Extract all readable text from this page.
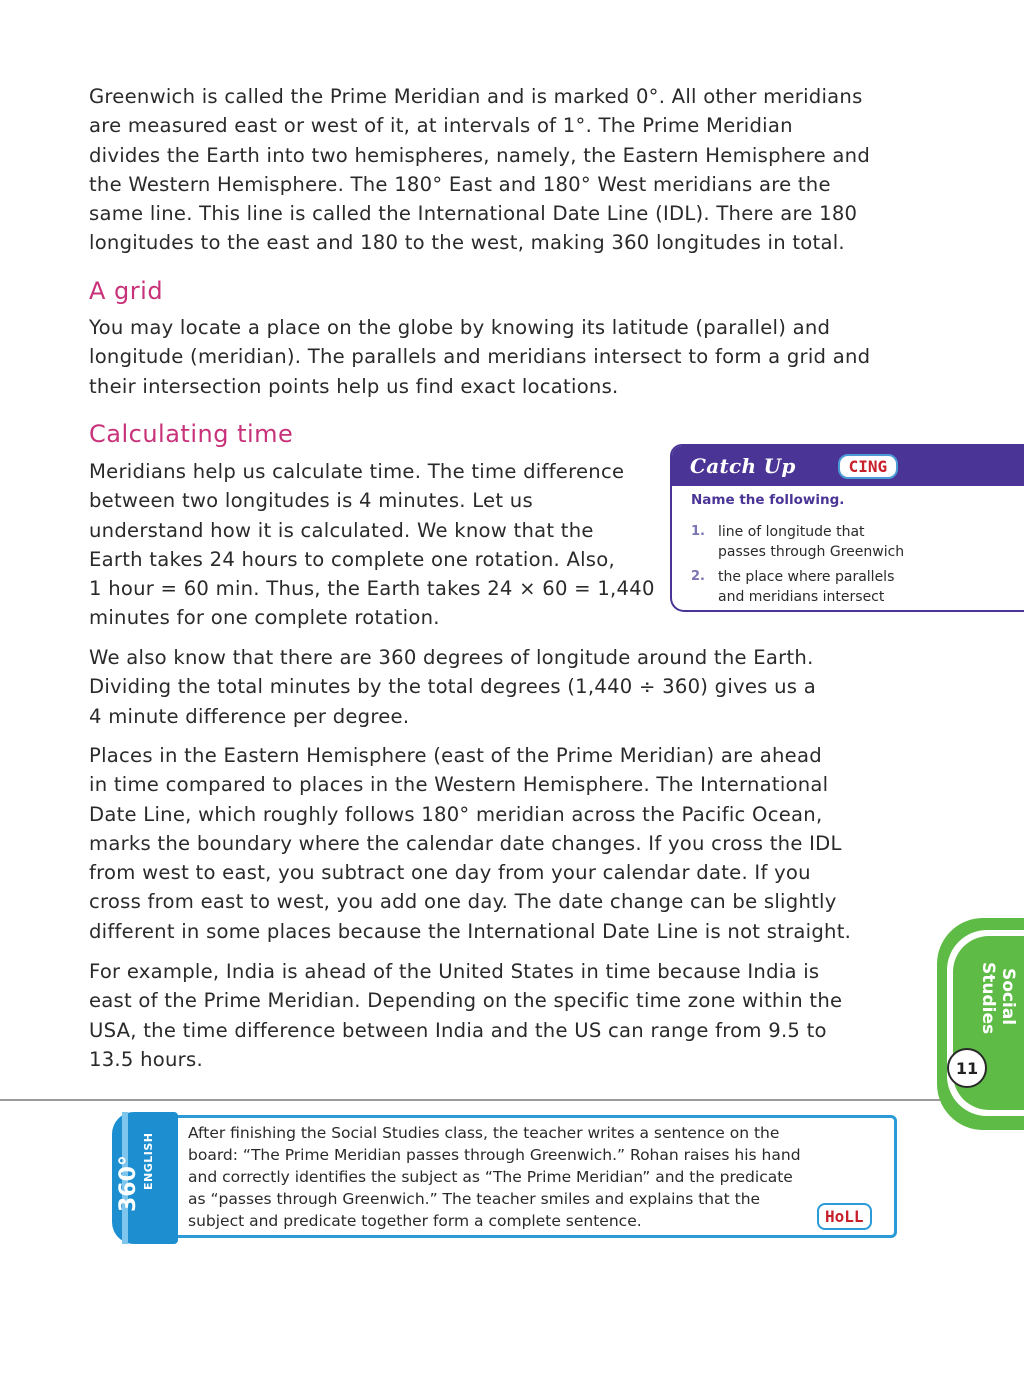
Greenwich is called the Prime Meridian and is marked 0°. All other meridians
are measured east or west of it, at intervals of 1°. The Prime Meridian
divides the Earth into two hemispheres, namely, the Eastern Hemisphere and
the Western Hemisphere. The 180° East and 180° West meridians are the
same line. This line is called the International Date Line (IDL). There are 180
longitudes to the east and 180 to the west, making 360 longitudes in total.

A grid

You may locate a place on the globe by knowing its latitude (parallel) and
longitude (meridian). The parallels and meridians intersect to form a grid and
their intersection points help us find exact locations.

Calculating time

Meridians help us calculate time. The time difference
between two longitudes is 4 minutes. Let us
understand how it is calculated. We know that the
Earth takes 24 hours to complete one rotation. Also,
1 hour = 60 min. Thus, the Earth takes 24 × 60 = 1,440
minutes for one complete rotation.

Catch Up	CING
Name the following.
1. line of longitude that
passes through Greenwich
2. the place where parallels
and meridians intersect

We also know that there are 360 degrees of longitude around the Earth.
Dividing the total minutes by the total degrees (1,440 ÷ 360) gives us a
4 minute difference per degree.

Places in the Eastern Hemisphere (east of the Prime Meridian) are ahead
in time compared to places in the Western Hemisphere. The International
Date Line, which roughly follows 180° meridian across the Pacific Ocean,
marks the boundary where the calendar date changes. If you cross the IDL
from west to east, you subtract one day from your calendar date. If you
cross from east to west, you add one day. The date change can be slightly
different in some places because the International Date Line is not straight.

For example, India is ahead of the United States in time because India is
east of the Prime Meridian. Depending on the specific time zone within the
USA, the time difference between India and the US can range from 9.5 to
13.5 hours.

Social
Studies
11
360° ENGLISH After finishing the Social Studies class, the teacher writes a sentence on the
board: “The Prime Meridian passes through Greenwich.” Rohan raises his hand
and correctly identifies the subject as “The Prime Meridian” and the predicate
as “passes through Greenwich.” The teacher smiles and explains that the
subject and predicate together form a complete sentence.	HoLL
